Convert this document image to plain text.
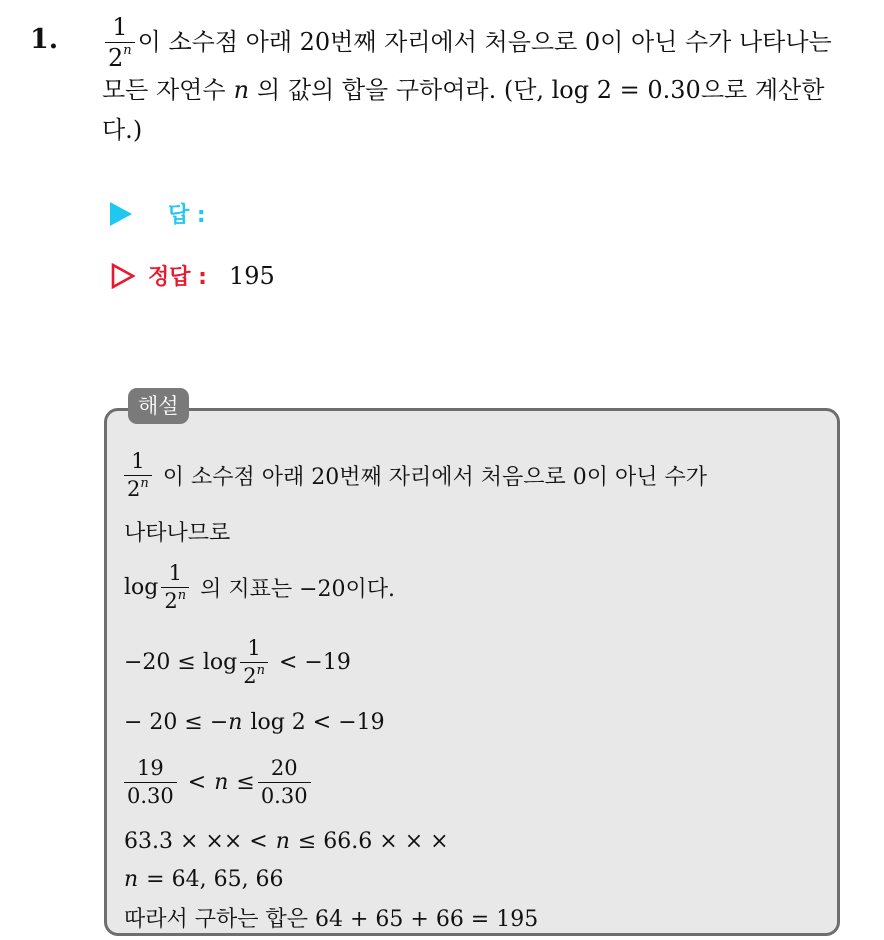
1. $\frac{1}{2^n}$ 이 소수점 아래 20번째 자리에서 처음으로 0이 아닌 수가 나타나는
모든 자연수 n 의 값의 합을 구하여라. (단, log 2 = 0.30으로 계산한
다.)
답 :
정답 : 195
해설
$\frac{1}{2^n}$ 이 소수점 아래 20번째 자리에서 처음으로 0이 아닌 수가
나타나므로
$\log \frac{1}{2^n}$ 의 지표는 −20이다.
$-20 \le \log \frac{1}{2^n} < -19$
− 20 ≤ − n log 2 < −19
$\frac{19}{0.30} < n \le \frac{20}{0.30}$
63.3 × ×× < n ≤ 66.6 × × ×
n = 64, 65, 66
따라서 구하는 합은 64 + 65 + 66 = 195
